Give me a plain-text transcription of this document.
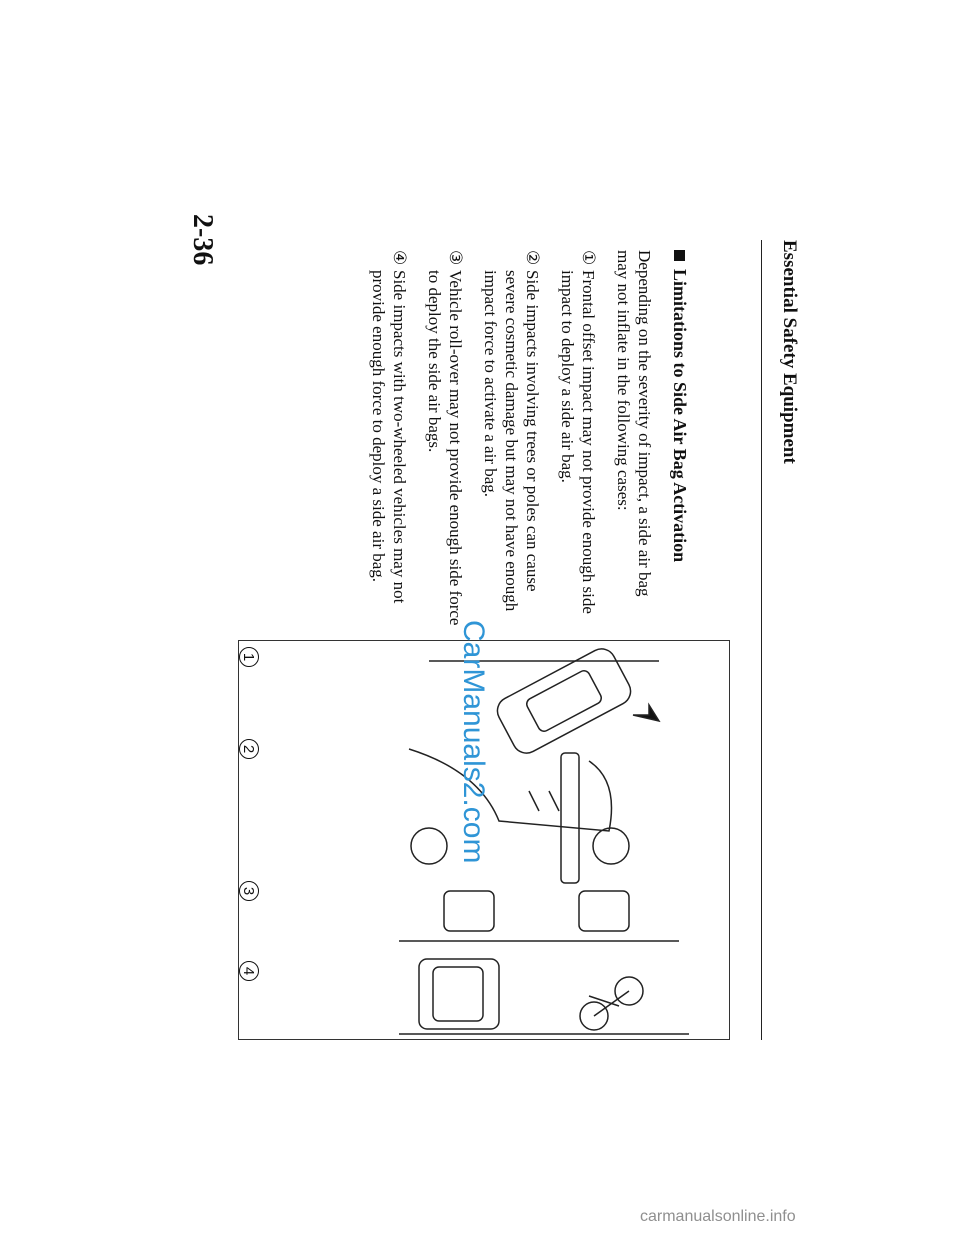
Essential Safety Equipment
Limitations to Side Air Bag Activation

Depending on the severity of impact, a side air bag may not inflate in the following cases:

①
Frontal offset impact may not provide enough side impact to deploy a side air bag.
②
Side impacts involving trees or poles can cause severe cosmetic damage but may not have enough impact force to activate a air bag.
③
Vehicle roll-over may not provide enough side force to deploy the side air bags.
④
Side impacts with two-wheeled vehicles may not provide enough force to deploy a side air bag.
1
2
3
4
2-36
CarManuals2.com
carmanualsonline.info
